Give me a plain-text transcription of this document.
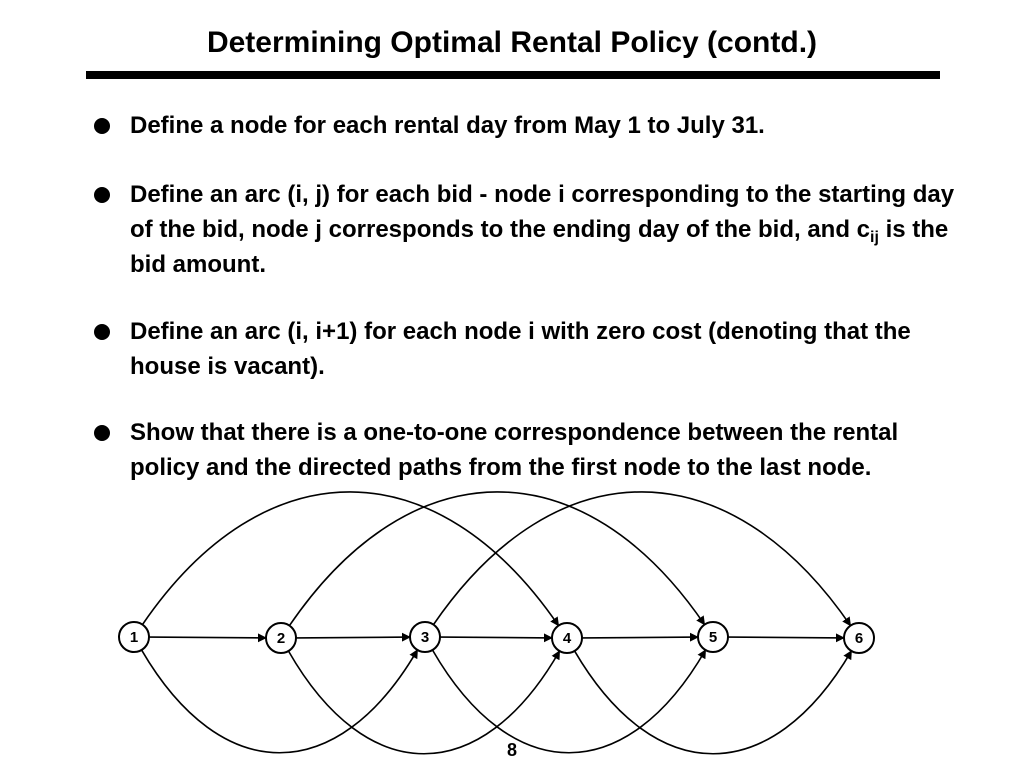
Determining Optimal Rental Policy (contd.)
Define a node for each rental day from May 1 to July 31.
Define an arc (i, j) for each bid - node i corresponding to the starting day of the bid, node j corresponds to the ending day of the bid, and $c_{ij}$ is the bid amount.
Define an arc (i, i+1) for each node i with zero cost (denoting that the house is vacant).
Show that there is a one-to-one correspondence between the rental policy and the directed paths from the first node to the last node.
1	2	3	4	5	6
8
